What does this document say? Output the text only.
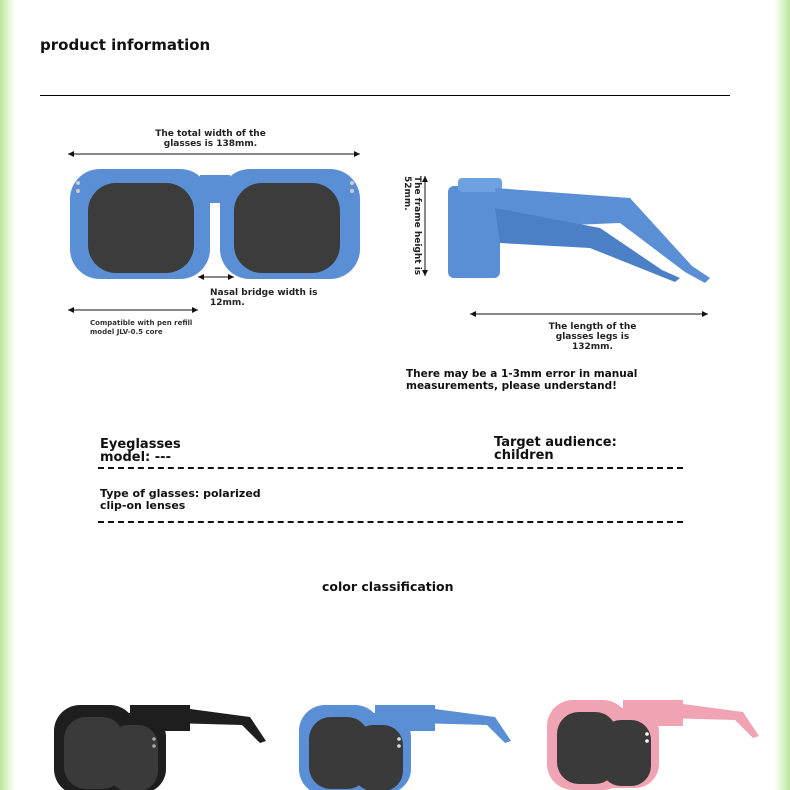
product information
The total width of the glasses is 138mm.
Nasal bridge width is 12mm.
Compatible with pen refill model JLV-0.5 core
The frame height is 52mm.
The length of the glasses legs is 132mm.
There may be a 1-3mm error in manual measurements, please understand!
Eyeglasses model: ---
Target audience: children
Type of glasses: polarized clip-on lenses
color classification
